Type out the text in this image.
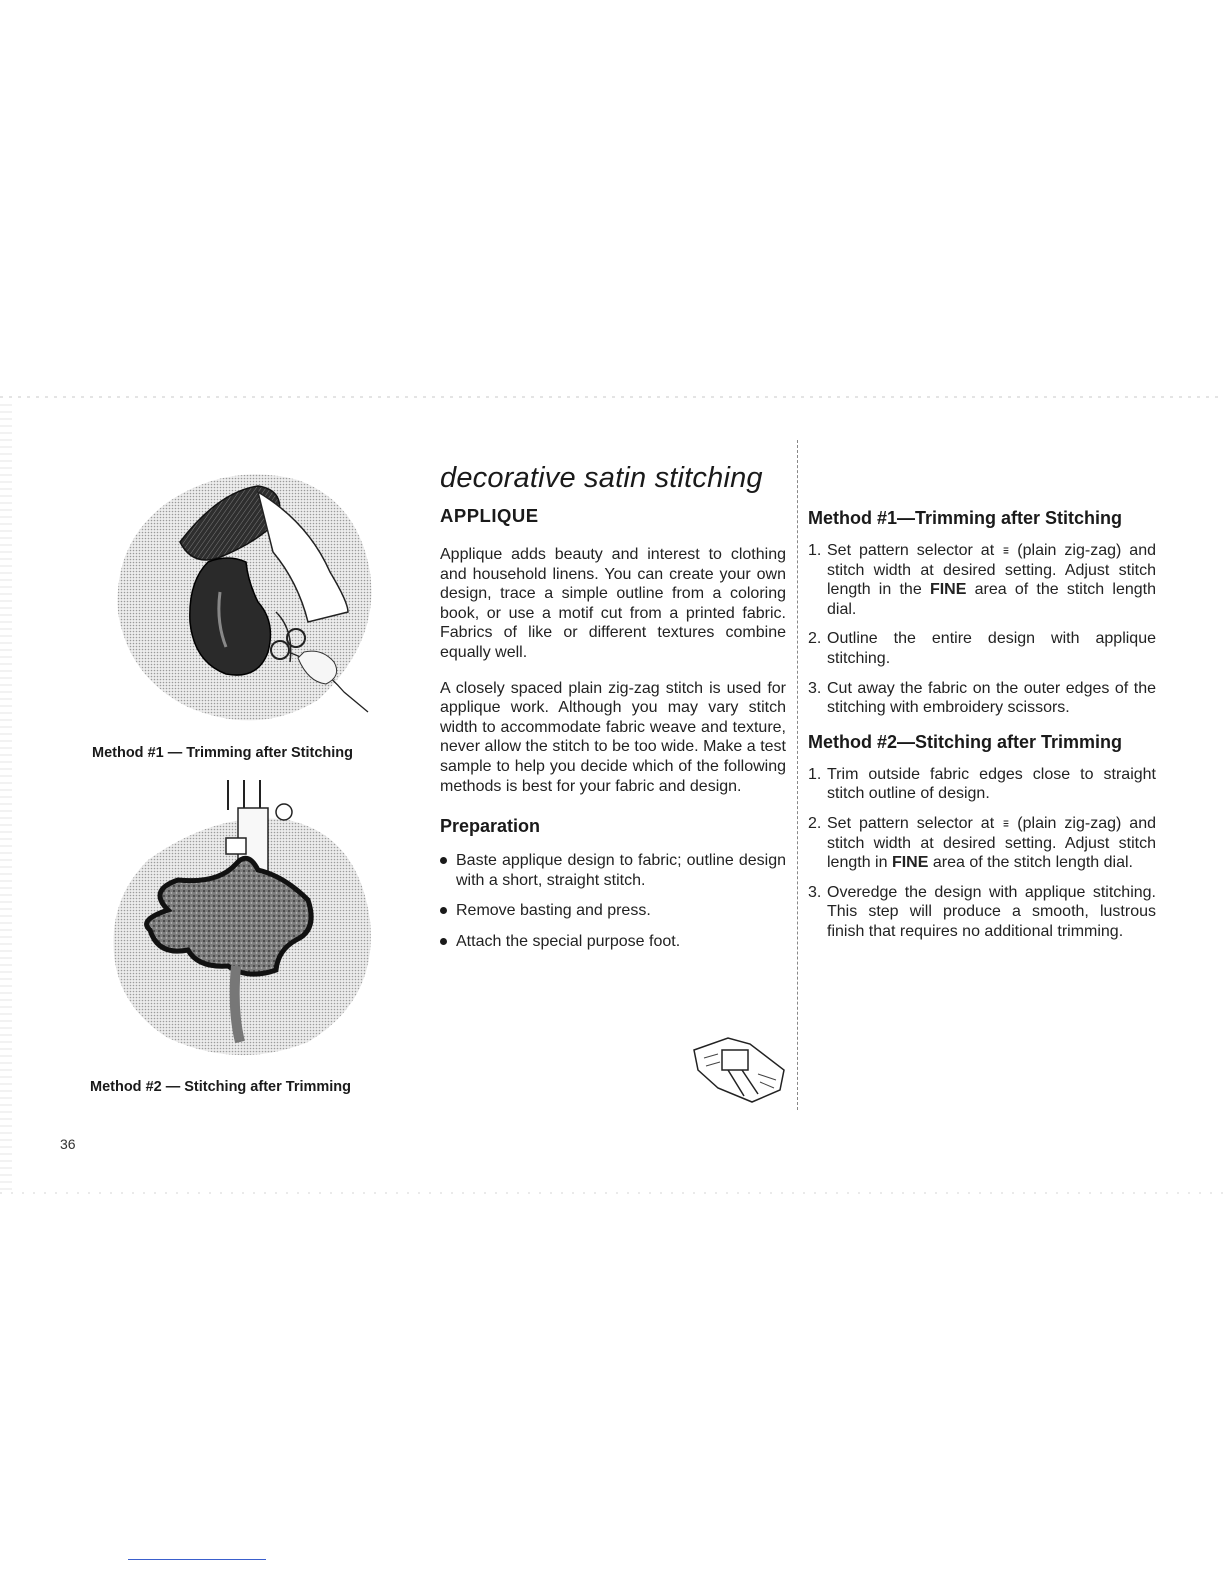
Method #1 — Trimming after Stitching
Method #2 — Stitching after Trimming
36
decorative satin stitching
APPLIQUE

Applique adds beauty and interest to clothing and household linens. You can create your own design, trace a simple outline from a coloring book, or use a motif cut from a printed fabric. Fabrics of like or different textures combine equally well.

A closely spaced plain zig-zag stitch is used for applique work. Although you may vary stitch width to accommodate fabric weave and texture, never allow the stitch to be too wide. Make a test sample to help you decide which of the following methods is best for your fabric and design.

Preparation
Baste applique design to fabric; outline design with a short, straight stitch.
Remove basting and press.
Attach the special purpose foot.
Method #1—Trimming after Stitching
1. Set pattern selector at ≡ (plain zig-zag) and stitch width at desired setting. Adjust stitch length in the FINE area of the stitch length dial.
2. Outline the entire design with applique stitching.
3. Cut away the fabric on the outer edges of the stitching with embroidery scissors.
Method #2—Stitching after Trimming
1. Trim outside fabric edges close to straight stitch outline of design.
2. Set pattern selector at ≡ (plain zig-zag) and stitch width at desired setting. Adjust stitch length in FINE area of the stitch length dial.
3. Overedge the design with applique stitching. This step will produce a smooth, lustrous finish that requires no additional trimming.
